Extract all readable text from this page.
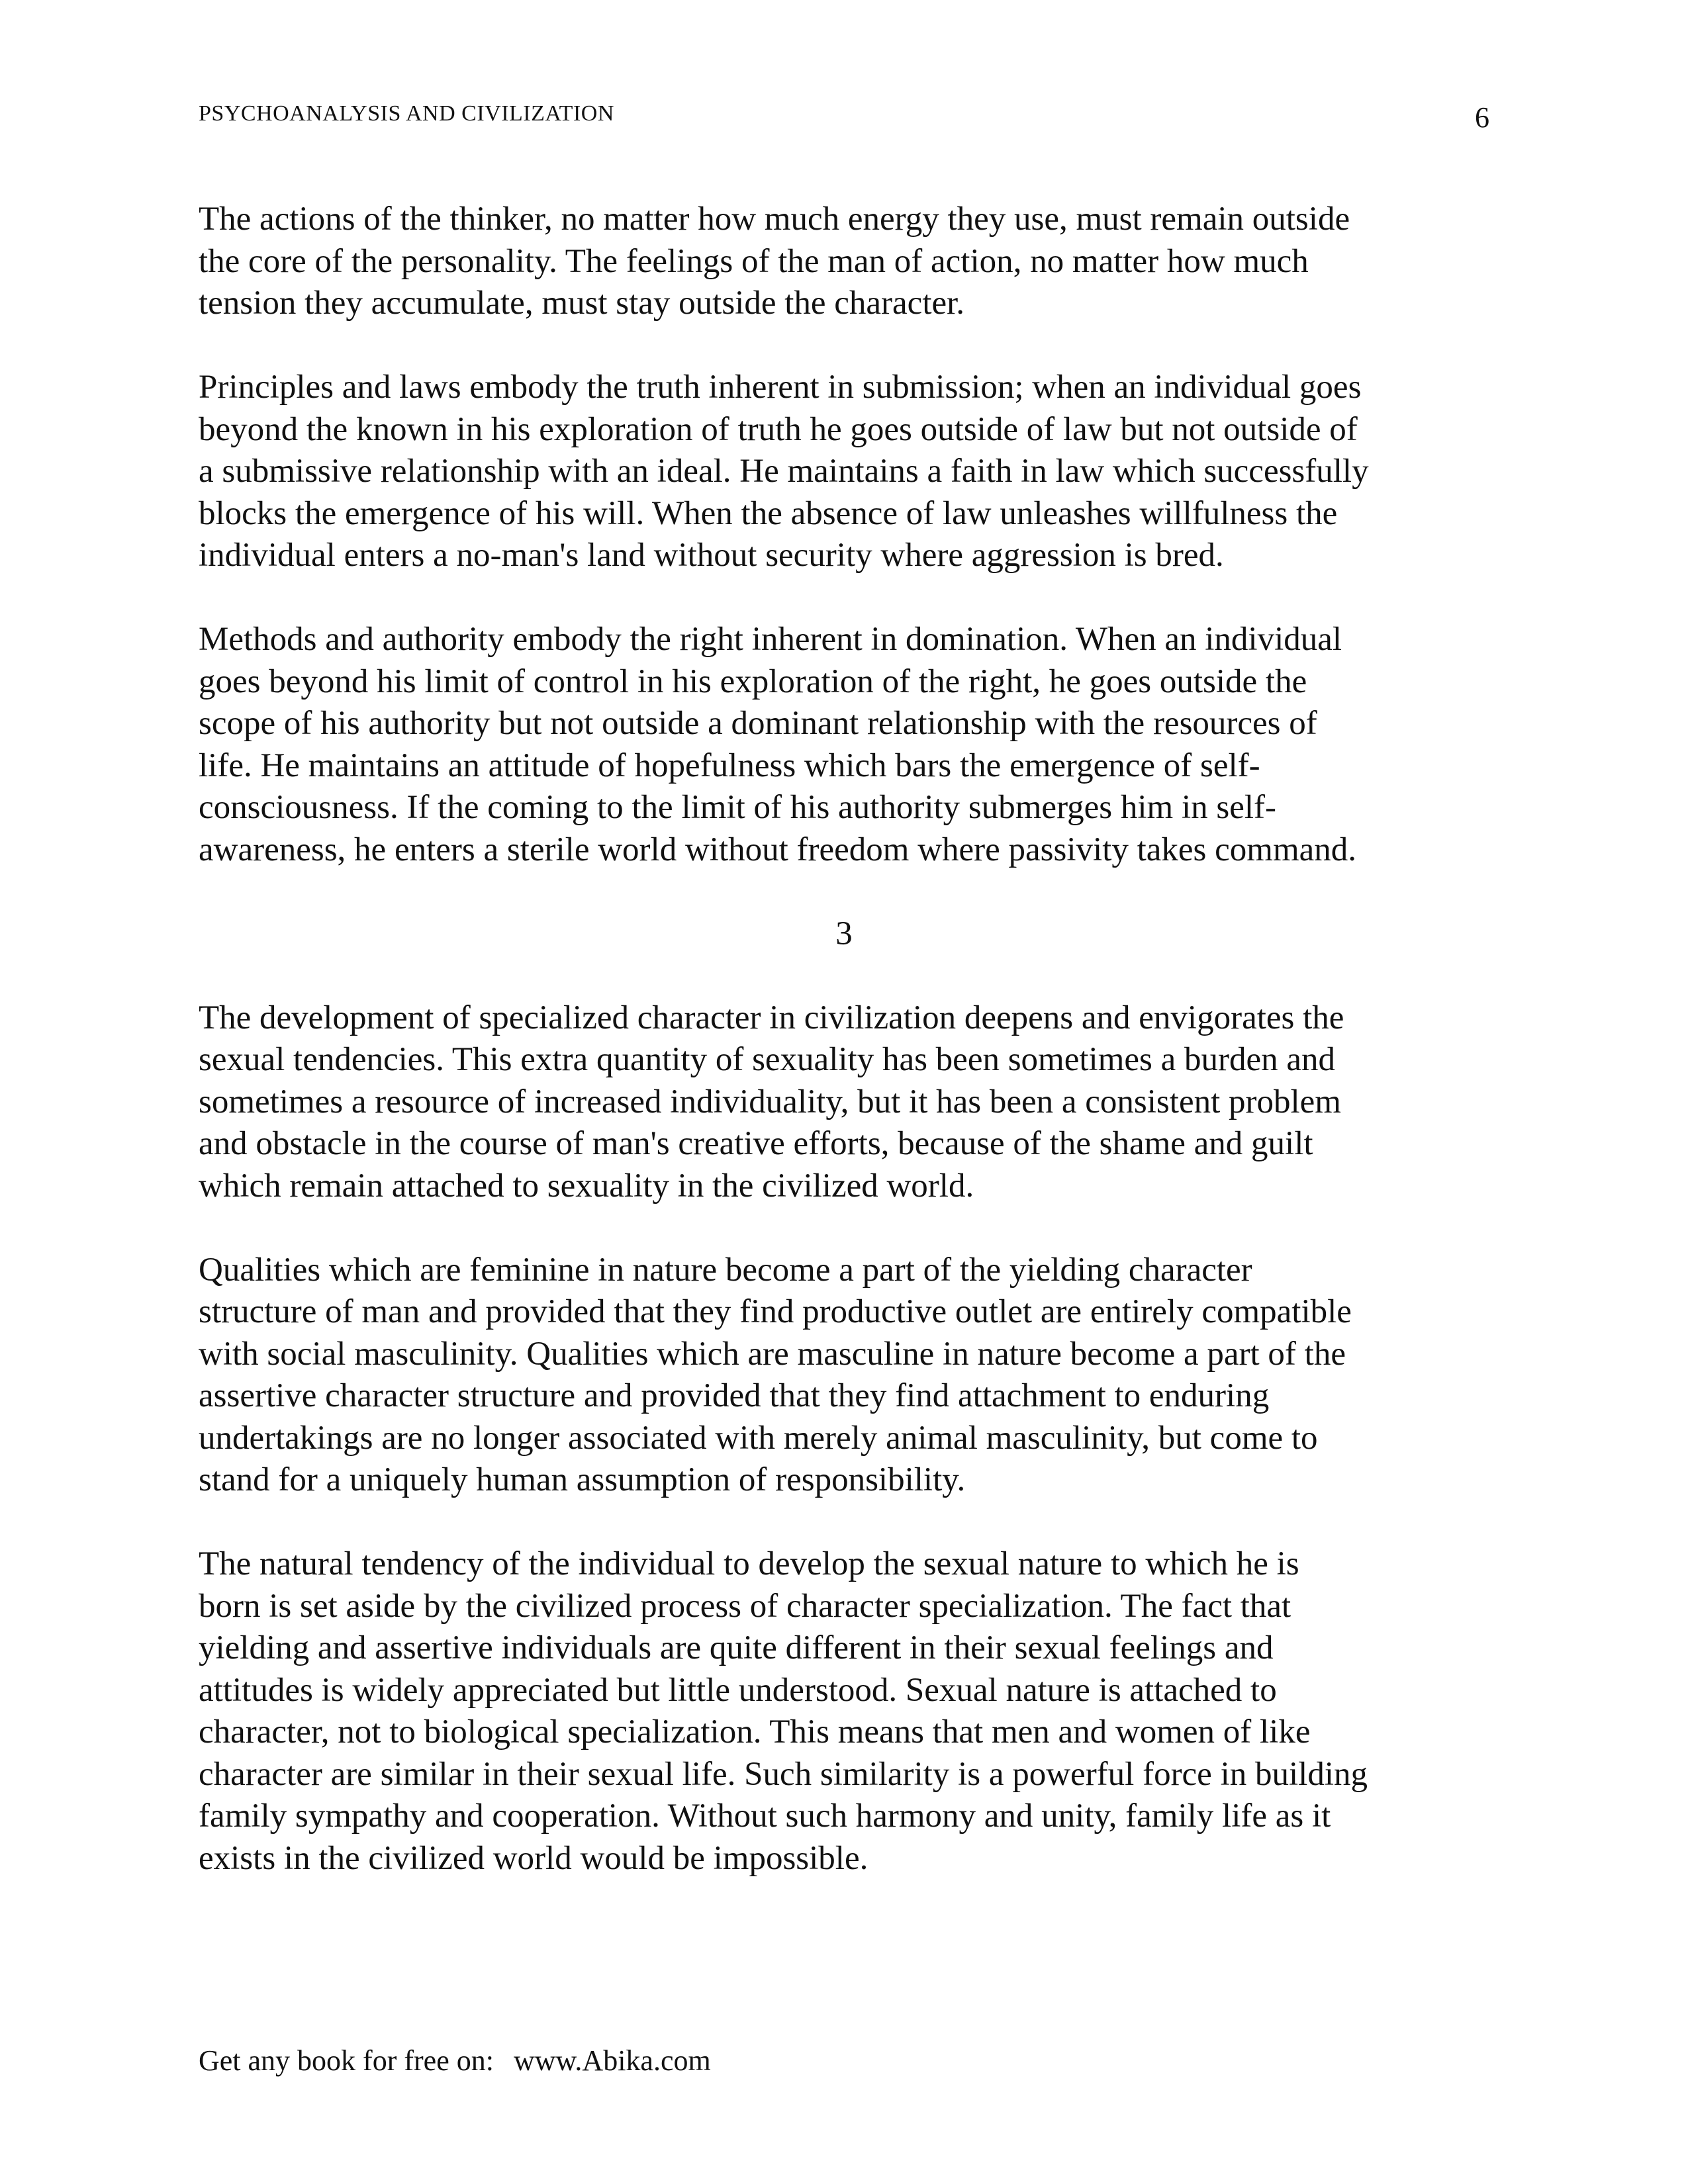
PSYCHOANALYSIS AND CIVILIZATION	6

The actions of the thinker, no matter how much energy they use, must remain outside
the core of the personality. The feelings of the man of action, no matter how much
tension they accumulate, must stay outside the character.

Principles and laws embody the truth inherent in submission; when an individual goes
beyond the known in his exploration of truth he goes outside of law but not outside of
a submissive relationship with an ideal. He maintains a faith in law which successfully
blocks the emergence of his will. When the absence of law unleashes willfulness the
individual enters a no-man's land without security where aggression is bred.

Methods and authority embody the right inherent in domination. When an individual
goes beyond his limit of control in his exploration of the right, he goes outside the
scope of his authority but not outside a dominant relationship with the resources of
life. He maintains an attitude of hopefulness which bars the emergence of self-
consciousness. If the coming to the limit of his authority submerges him in self-
awareness, he enters a sterile world without freedom where passivity takes command.

3

The development of specialized character in civilization deepens and envigorates the
sexual tendencies. This extra quantity of sexuality has been sometimes a burden and
sometimes a resource of increased individuality, but it has been a consistent problem
and obstacle in the course of man's creative efforts, because of the shame and guilt
which remain attached to sexuality in the civilized world.

Qualities which are feminine in nature become a part of the yielding character
structure of man and provided that they find productive outlet are entirely compatible
with social masculinity. Qualities which are masculine in nature become a part of the
assertive character structure and provided that they find attachment to enduring
undertakings are no longer associated with merely animal masculinity, but come to
stand for a uniquely human assumption of responsibility.

The natural tendency of the individual to develop the sexual nature to which he is
born is set aside by the civilized process of character specialization. The fact that
yielding and assertive individuals are quite different in their sexual feelings and
attitudes is widely appreciated but little understood. Sexual nature is attached to
character, not to biological specialization. This means that men and women of like
character are similar in their sexual life. Such similarity is a powerful force in building
family sympathy and cooperation. Without such harmony and unity, family life as it
exists in the civilized world would be impossible.

Get any book for free on: www.Abika.com
